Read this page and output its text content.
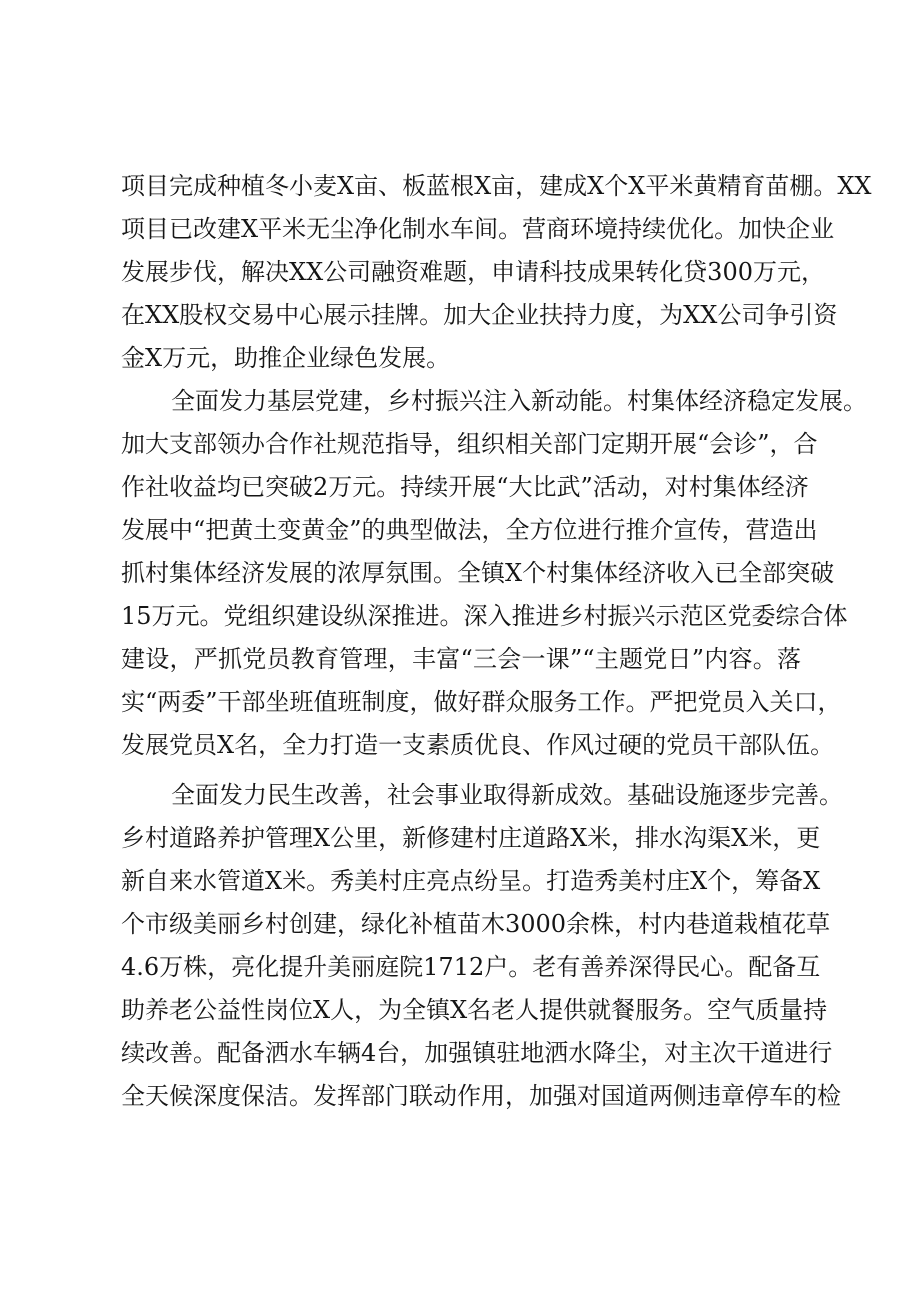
项目完成种植冬小麦X亩、板蓝根X亩，建成X个X平米黄精育苗棚。XX
项目已改建X平米无尘净化制水车间。营商环境持续优化。加快企业
发展步伐，解决XX公司融资难题，申请科技成果转化贷300万元，
在XX股权交易中心展示挂牌。加大企业扶持力度，为XX公司争引资
金X万元，助推企业绿色发展。
全面发力基层党建，乡村振兴注入新动能。村集体经济稳定发展。
加大支部领办合作社规范指导，组织相关部门定期开展“会诊”，合
作社收益均已突破2万元。持续开展“大比武”活动，对村集体经济
发展中“把黄土变黄金”的典型做法，全方位进行推介宣传，营造出
抓村集体经济发展的浓厚氛围。全镇X个村集体经济收入已全部突破
15万元。党组织建设纵深推进。深入推进乡村振兴示范区党委综合体
建设，严抓党员教育管理，丰富“三会一课”“主题党日”内容。落
实“两委”干部坐班值班制度，做好群众服务工作。严把党员入关口，
发展党员X名，全力打造一支素质优良、作风过硬的党员干部队伍。
全面发力民生改善，社会事业取得新成效。基础设施逐步完善。
乡村道路养护管理X公里，新修建村庄道路X米，排水沟渠X米，更
新自来水管道X米。秀美村庄亮点纷呈。打造秀美村庄X个，筹备X
个市级美丽乡村创建，绿化补植苗木3000余株，村内巷道栽植花草
4.6万株，亮化提升美丽庭院1712户。老有善养深得民心。配备互
助养老公益性岗位X人，为全镇X名老人提供就餐服务。空气质量持
续改善。配备洒水车辆4台，加强镇驻地洒水降尘，对主次干道进行
全天候深度保洁。发挥部门联动作用，加强对国道两侧违章停车的检
